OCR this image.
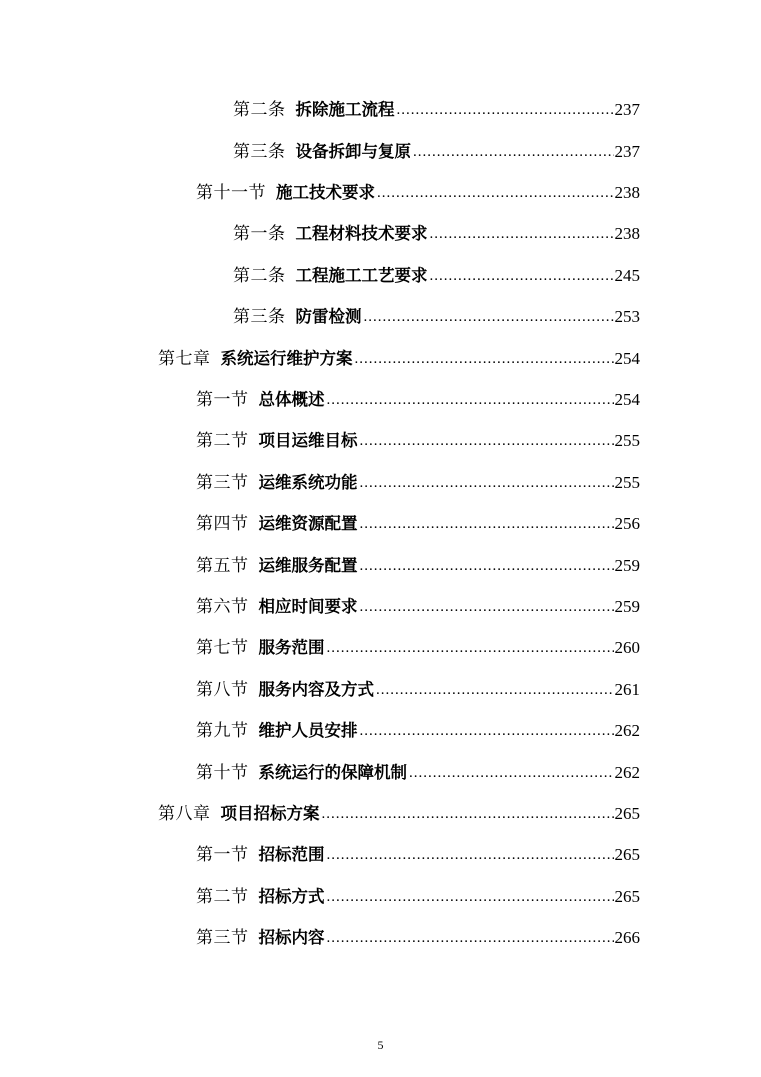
第二条 拆除施工流程 .....	237
第三条 设备拆卸与复原 .....	237
第十一节 施工技术要求 .....	238
第一条 工程材料技术要求 .....	238
第二条 工程施工工艺要求 .....	245
第三条 防雷检测 .....	253
第七章 系统运行维护方案 .....	254
第一节 总体概述 .....	254
第二节 项目运维目标 .....	255
第三节 运维系统功能 .....	255
第四节 运维资源配置 .....	256
第五节 运维服务配置 .....	259
第六节 相应时间要求 .....	259
第七节 服务范围 .....	260
第八节 服务内容及方式 .....	261
第九节 维护人员安排 .....	262
第十节 系统运行的保障机制 .....	262
第八章 项目招标方案 .....	265
第一节 招标范围 .....	265
第二节 招标方式 .....	265
第三节 招标内容 .....	266
5
